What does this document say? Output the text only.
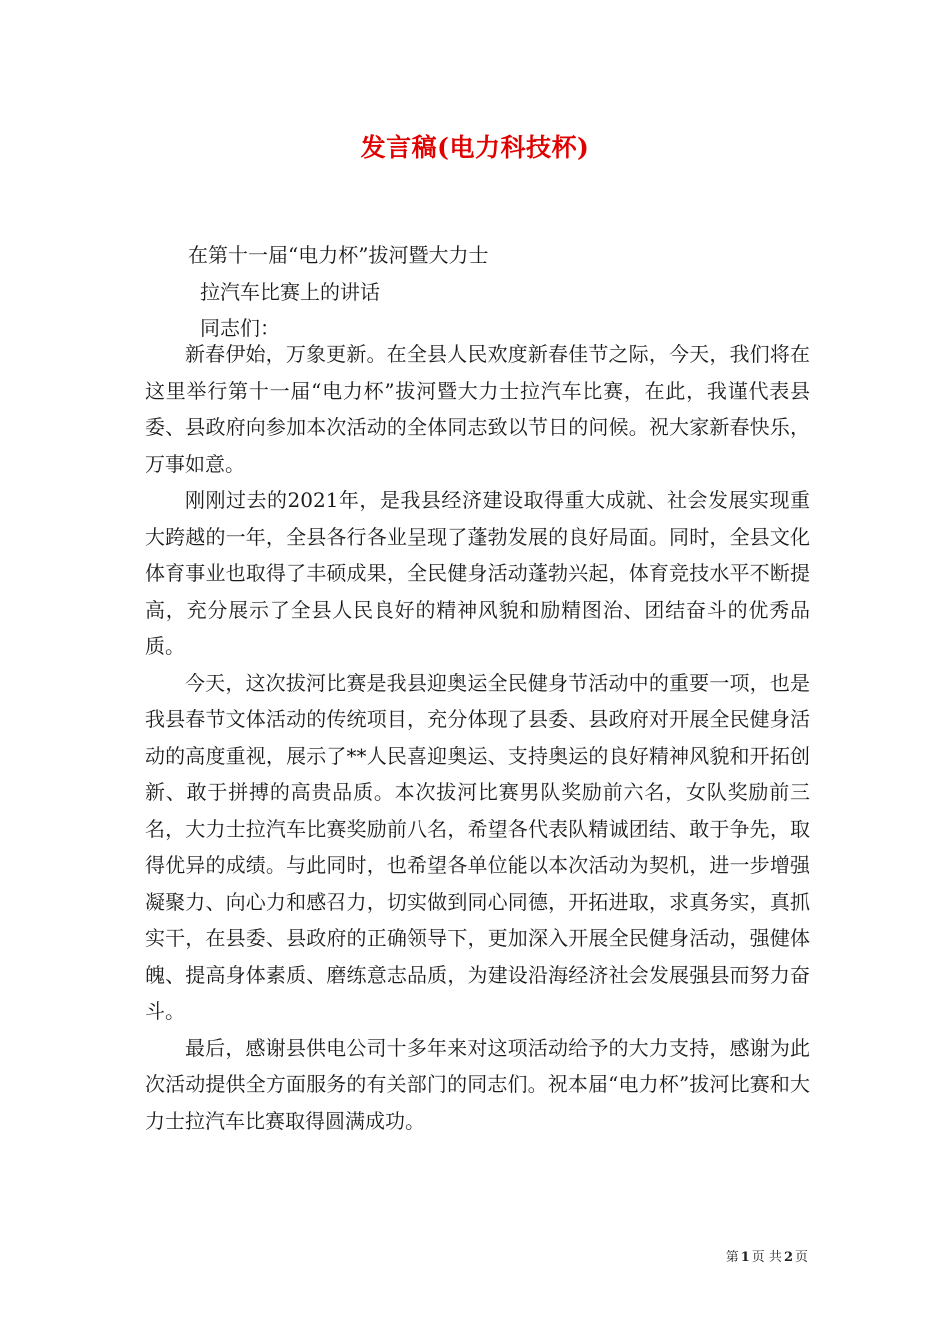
发言稿(电力科技杯)

在第十一届“电力杯”拔河暨大力士

拉汽车比赛上的讲话

同志们：

新春伊始，万象更新。在全县人民欢度新春佳节之际，今天，我们将在这里举行第十一届“电力杯”拔河暨大力士拉汽车比赛，在此，我谨代表县委、县政府向参加本次活动的全体同志致以节日的问候。祝大家新春快乐，万事如意。

刚刚过去的2021年，是我县经济建设取得重大成就、社会发展实现重大跨越的一年，全县各行各业呈现了蓬勃发展的良好局面。同时，全县文化体育事业也取得了丰硕成果，全民健身活动蓬勃兴起，体育竞技水平不断提高，充分展示了全县人民良好的精神风貌和励精图治、团结奋斗的优秀品质。

今天，这次拔河比赛是我县迎奥运全民健身节活动中的重要一项，也是我县春节文体活动的传统项目，充分体现了县委、县政府对开展全民健身活动的高度重视，展示了**人民喜迎奥运、支持奥运的良好精神风貌和开拓创新、敢于拼搏的高贵品质。本次拔河比赛男队奖励前六名，女队奖励前三名，大力士拉汽车比赛奖励前八名，希望各代表队精诚团结、敢于争先，取得优异的成绩。与此同时，也希望各单位能以本次活动为契机，进一步增强凝聚力、向心力和感召力，切实做到同心同德，开拓进取，求真务实，真抓实干，在县委、县政府的正确领导下，更加深入开展全民健身活动，强健体魄、提高身体素质、磨练意志品质，为建设沿海经济社会发展强县而努力奋斗。

最后，感谢县供电公司十多年来对这项活动给予的大力支持，感谢为此次活动提供全方面服务的有关部门的同志们。祝本届“电力杯”拔河比赛和大力士拉汽车比赛取得圆满成功。

第 1 页 共 2 页
